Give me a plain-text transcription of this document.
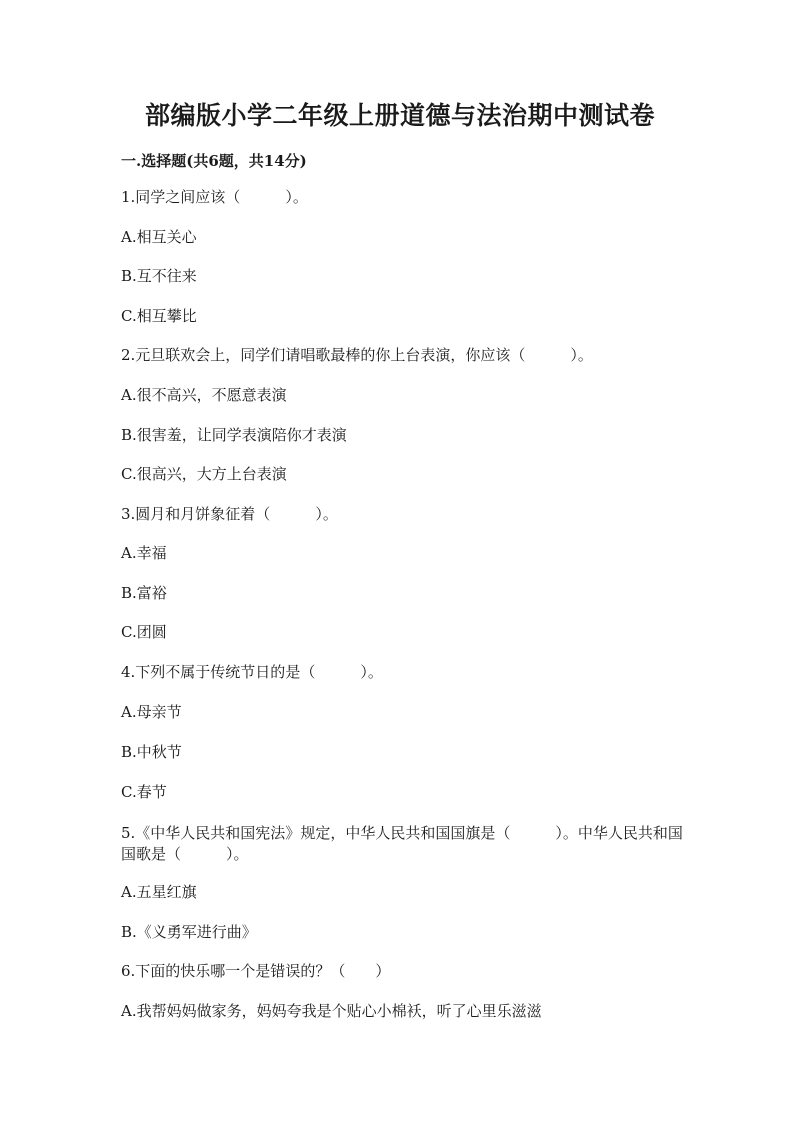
部编版小学二年级上册道德与法治期中测试卷
一.选择题(共6题，共14分)
1.同学之间应该（　　　）。
A.相互关心
B.互不往来
C.相互攀比
2.元旦联欢会上，同学们请唱歌最棒的你上台表演，你应该（　　　）。
A.很不高兴，不愿意表演
B.很害羞，让同学表演陪你才表演
C.很高兴，大方上台表演
3.圆月和月饼象征着（　　　）。
A.幸福
B.富裕
C.团圆
4.下列不属于传统节日的是（　　　）。
A.母亲节
B.中秋节
C.春节
5.《中华人民共和国宪法》规定，中华人民共和国国旗是（　　　）。中华人民共和国国歌是（　　　）。
A.五星红旗
B.《义勇军进行曲》
6.下面的快乐哪一个是错误的？（　　）
A.我帮妈妈做家务，妈妈夸我是个贴心小棉袄，听了心里乐滋滋
